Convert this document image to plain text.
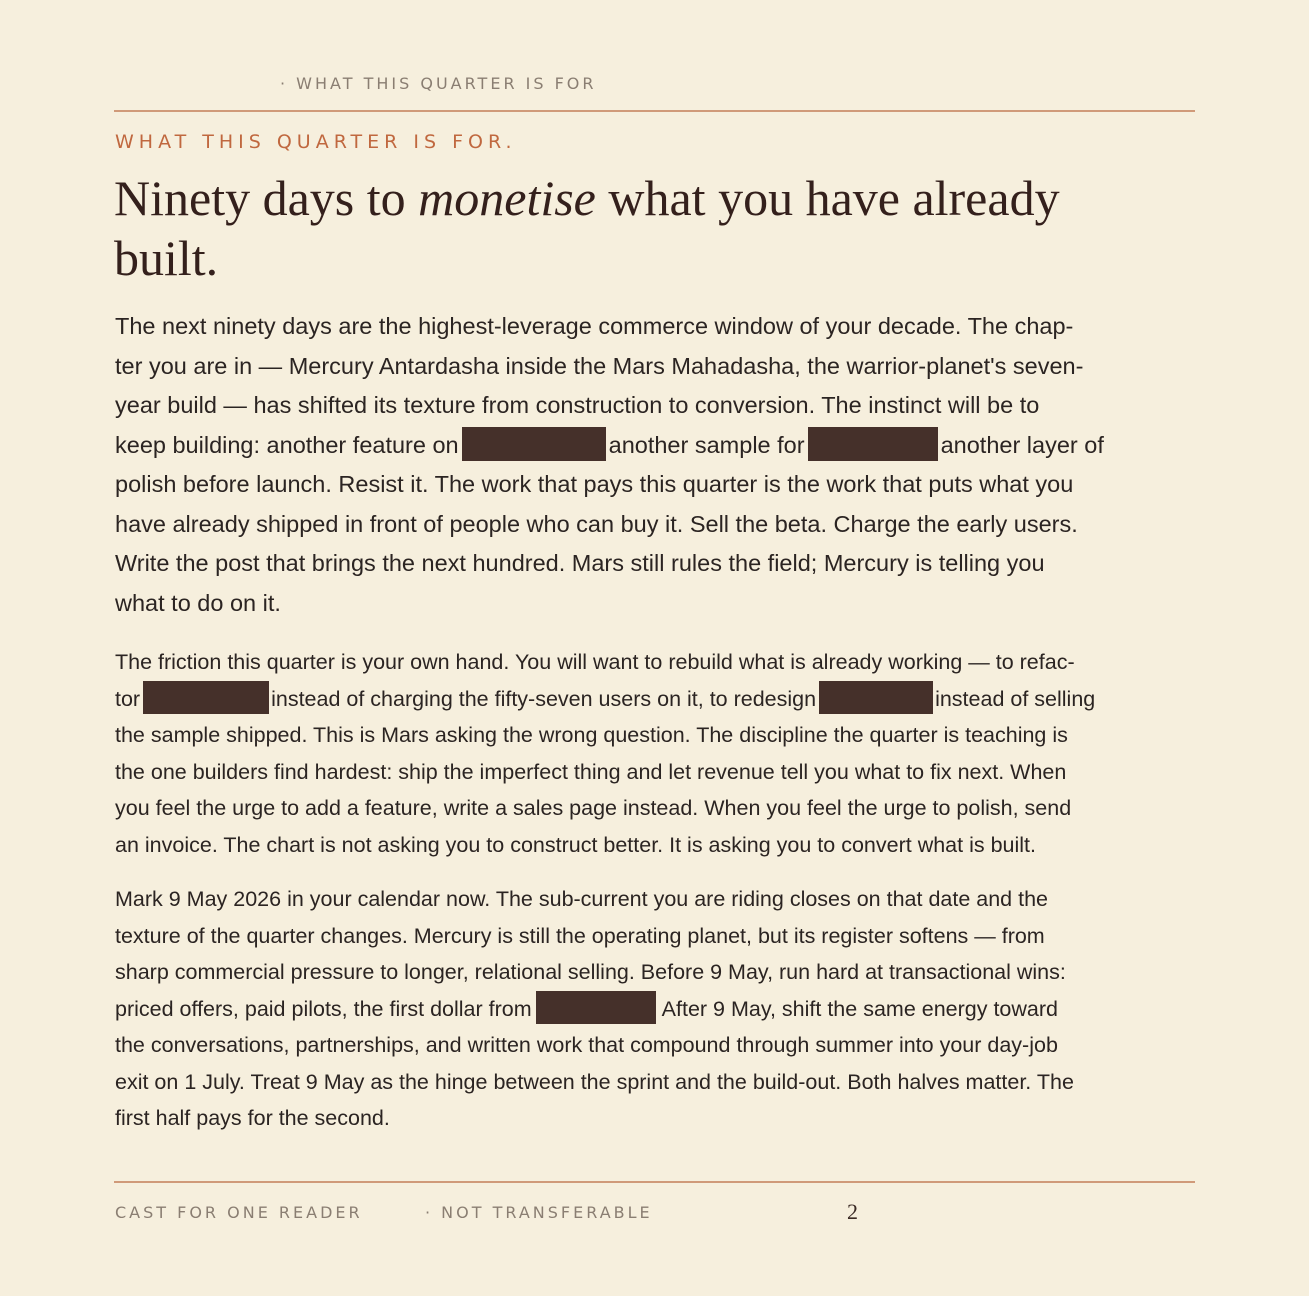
· WHAT THIS QUARTER IS FOR
WHAT THIS QUARTER IS FOR.
Ninety days to monetise what you have already
built.
The next ninety days are the highest-leverage commerce window of your decade. The chap-
ter you are in — Mercury Antardasha inside the Mars Mahadasha, the warrior-planet's seven-
year build — has shifted its texture from construction to conversion. The instinct will be to
keep building: another feature on	another sample for	another layer of
polish before launch. Resist it. The work that pays this quarter is the work that puts what you
have already shipped in front of people who can buy it. Sell the beta. Charge the early users.
Write the post that brings the next hundred. Mars still rules the field; Mercury is telling you
what to do on it.
The friction this quarter is your own hand. You will want to rebuild what is already working — to refac-
tor	instead of charging the fifty-seven users on it, to redesign	instead of selling
the sample shipped. This is Mars asking the wrong question. The discipline the quarter is teaching is
the one builders find hardest: ship the imperfect thing and let revenue tell you what to fix next. When
you feel the urge to add a feature, write a sales page instead. When you feel the urge to polish, send
an invoice. The chart is not asking you to construct better. It is asking you to convert what is built.
Mark 9 May 2026 in your calendar now. The sub-current you are riding closes on that date and the
texture of the quarter changes. Mercury is still the operating planet, but its register softens — from
sharp commercial pressure to longer, relational selling. Before 9 May, run hard at transactional wins:
priced offers, paid pilots, the first dollar from	After 9 May, shift the same energy toward
the conversations, partnerships, and written work that compound through summer into your day-job
exit on 1 July. Treat 9 May as the hinge between the sprint and the build-out. Both halves matter. The
first half pays for the second.
CAST FOR ONE READER	· NOT TRANSFERABLE	2
